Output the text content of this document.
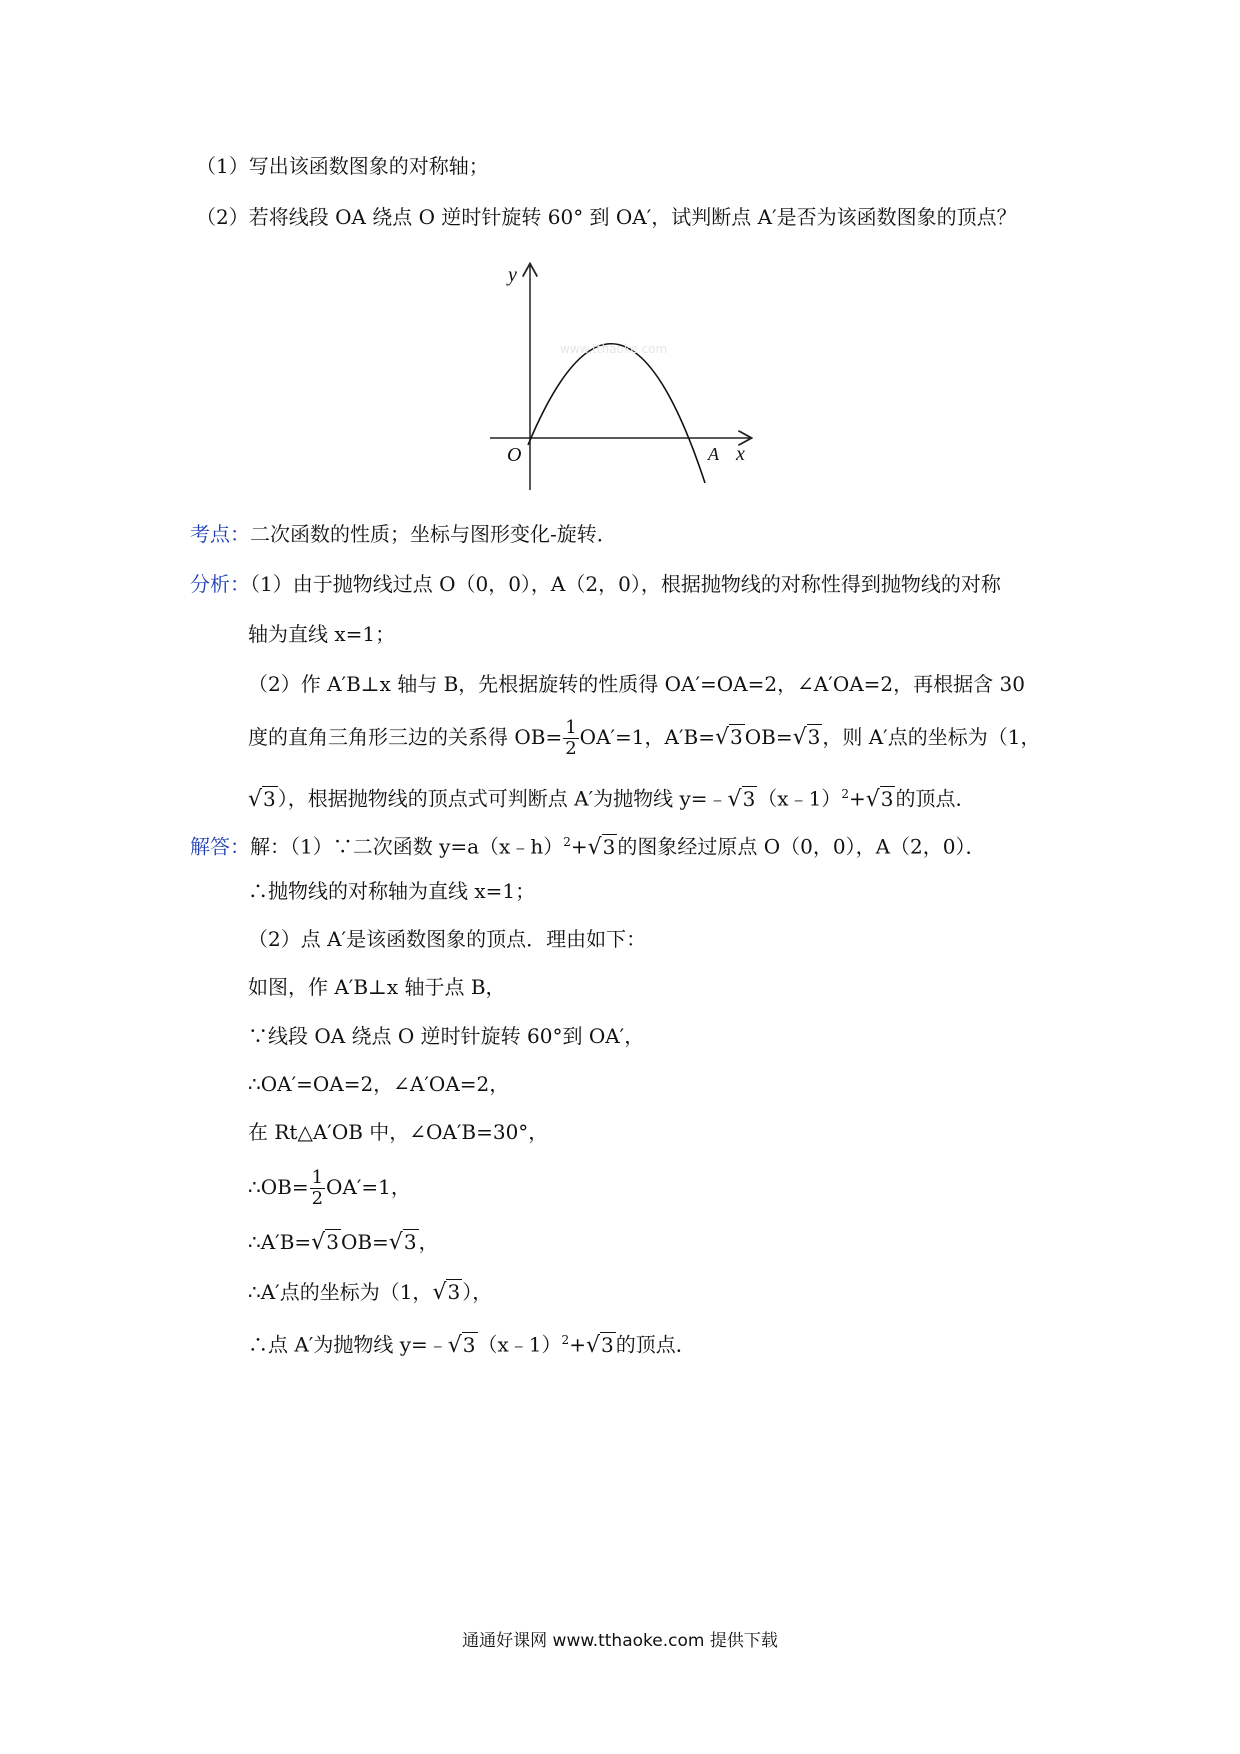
（1）写出该函数图象的对称轴；
（2）若将线段 OA 绕点 O 逆时针旋转 60° 到 OA′，试判断点 A′是否为该函数图象的顶点？
www.tthaoke.com
y
x
O	A
考点：二次函数的性质；坐标与图形变化-旋转．
分析：（1）由于抛物线过点 O（0，0），A（2，0），根据抛物线的对称性得到抛物线的对称
轴为直线 x=1；
（2）作 A′B⊥x 轴与 B，先根据旋转的性质得 OA′=OA=2，∠A′OA=2，再根据含 30
度的直角三角形三边的关系得 $OB= \frac{1}{2} OA'=1$，A′B=√3 OB=√3 ，则 A′点的坐标为（1，
√3 ），根据抛物线的顶点式可判断点 A′为抛物线 y=﹣√3 （x﹣1）$^2$+√3 的顶点．
解答：解：（1）∵二次函数 y=a（x﹣h）$^2$+√3 的图象经过原点 O（0，0），A（2，0）．
∴抛物线的对称轴为直线 x=1；
（2）点 A′是该函数图象的顶点．理由如下：
如图，作 A′B⊥x 轴于点 B，
∵线段 OA 绕点 O 逆时针旋转 60°到 OA′，
∴OA′=OA=2，∠A′OA=2，
在 Rt△A′OB 中，∠OA′B=30°，
∴OB= $\frac{1}{2} OA'=1$，
∴A′B=√3 OB=√3 ，
∴A′点的坐标为（1，√3 ），
∴点 A′为抛物线 y=﹣√3 （x﹣1）$^2$+√3 的顶点．
通通好课网 www.tthaoke.com 提供下载
